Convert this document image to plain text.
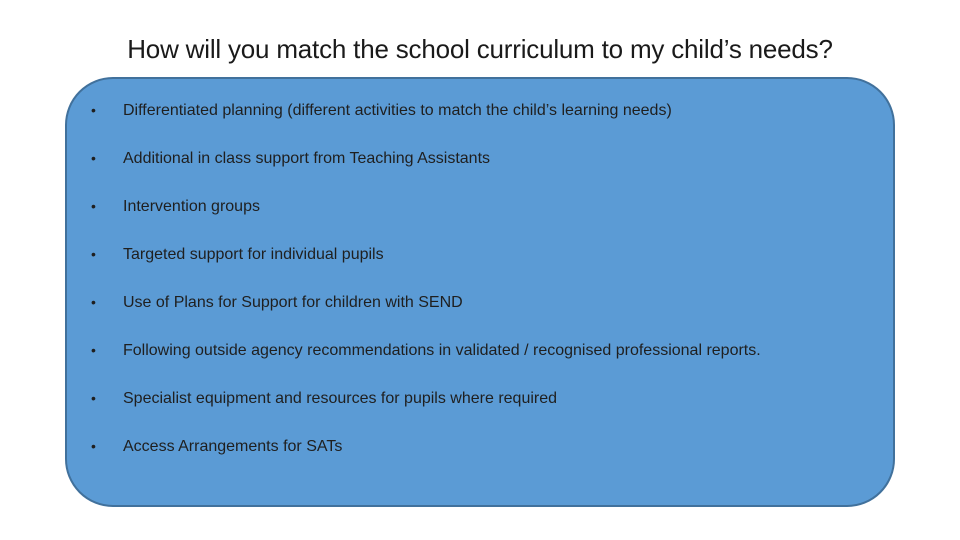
How will you match the school curriculum to my child’s needs?
•	Differentiated planning (different activities to match the child’s learning needs)
•	Additional in class support from Teaching Assistants
•	Intervention groups
•	Targeted support for individual pupils
•	Use of Plans for Support for children with SEND
•	Following outside agency recommendations in validated / recognised professional reports.
•	Specialist equipment and resources for pupils where required
•	Access Arrangements for SATs
